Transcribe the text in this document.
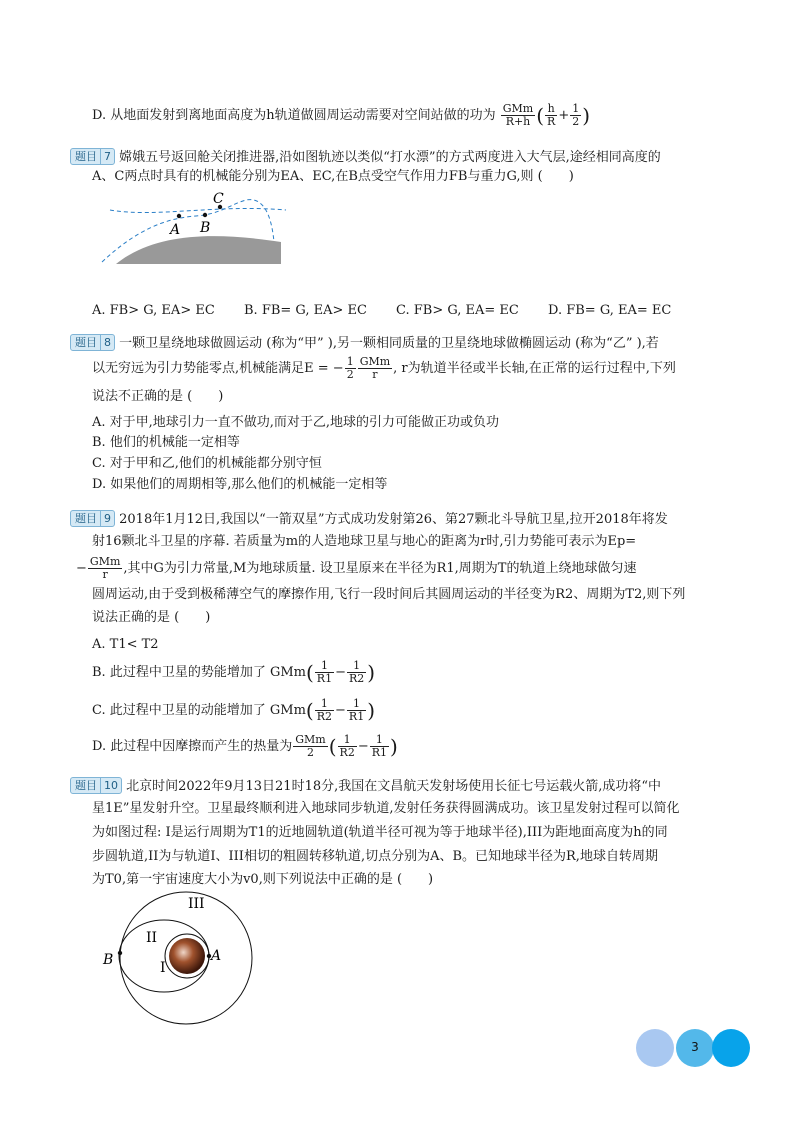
D. 从地面发射到离地面高度为h轨道做圆周运动需要对空间站做的功为 $\frac{\text{GMm}}{R+h}$ ( $\frac{h}{R} + \frac{1}{2}$ )
题目 7 嫦娥五号返回舱关闭推进器,沿如图轨迹以类似“打水漂”的方式两度进入大气层,途经相同高度的
A、C两点时具有的机械能分别为EA、EC,在B点受空气作用力FB与重力G,则 (　　)
A B
C
A. FB> G, EA> EC B. FB= G, EA> EC C. FB> G, EA= EC D. FB= G, EA= EC
题目 8 一颗卫星绕地球做圆运动 (称为“甲” ),另一颗相同质量的卫星绕地球做椭圆运动 (称为“乙” ),若
以无穷远为引力势能零点,机械能满足E = − $\frac{1}{2} \frac{\text{GMm}}{r}$ , r为轨道半径或半长轴,在正常的运行过程中,下列
说法不正确的是 (　　)
A. 对于甲,地球引力一直不做功,而对于乙,地球的引力可能做正功或负功
B. 他们的机械能一定相等
C. 对于甲和乙,他们的机械能都分别守恒
D. 如果他们的周期相等,那么他们的机械能一定相等
题目 9 2018年1月12日,我国以“一箭双星”方式成功发射第26、第27颗北斗导航卫星,拉开2018年将发
射16颗北斗卫星的序幕. 若质量为m的人造地球卫星与地心的距离为r时,引力势能可表示为Ep=
− $\frac{\text{GMm}}{r}$ ,其中G为引力常量,M为地球质量. 设卫星原来在半径为R1,周期为T的轨道上绕地球做匀速
圆周运动,由于受到极稀薄空气的摩擦作用,飞行一段时间后其圆周运动的半径变为R2、周期为T2,则下列
说法正确的是 (　　)
A. T1< T2
B. 此过程中卫星的势能增加了 $GMm( \frac{1}{R1} - \frac{1}{R2}$ )
C. 此过程中卫星的动能增加了 $GMm( \frac{1}{R2} - \frac{1}{R1}$ )
D. 此过程中因摩擦而产生的热量为 $\frac{\text{GMm}}{2}$ ( $\frac{1}{R2} - \frac{1}{R1}$ )
题目 10 北京时间2022年9月13日21时18分,我国在文昌航天发射场使用长征七号运载火箭,成功将“中
星1E”星发射升空。卫星最终顺利进入地球同步轨道,发射任务获得圆满成功。该卫星发射过程可以简化
为如图过程: I是运行周期为T1的近地圆轨道(轨道半径可视为等于地球半径),III为距地面高度为h的同
步圆轨道,II为与轨道I、III相切的粗圆转移轨道,切点分别为A、B。已知地球半径为R,地球自转周期
为T0,第一宇宙速度大小为v0,则下列说法中正确的是 (　　)
III
II
I
A
B
3
